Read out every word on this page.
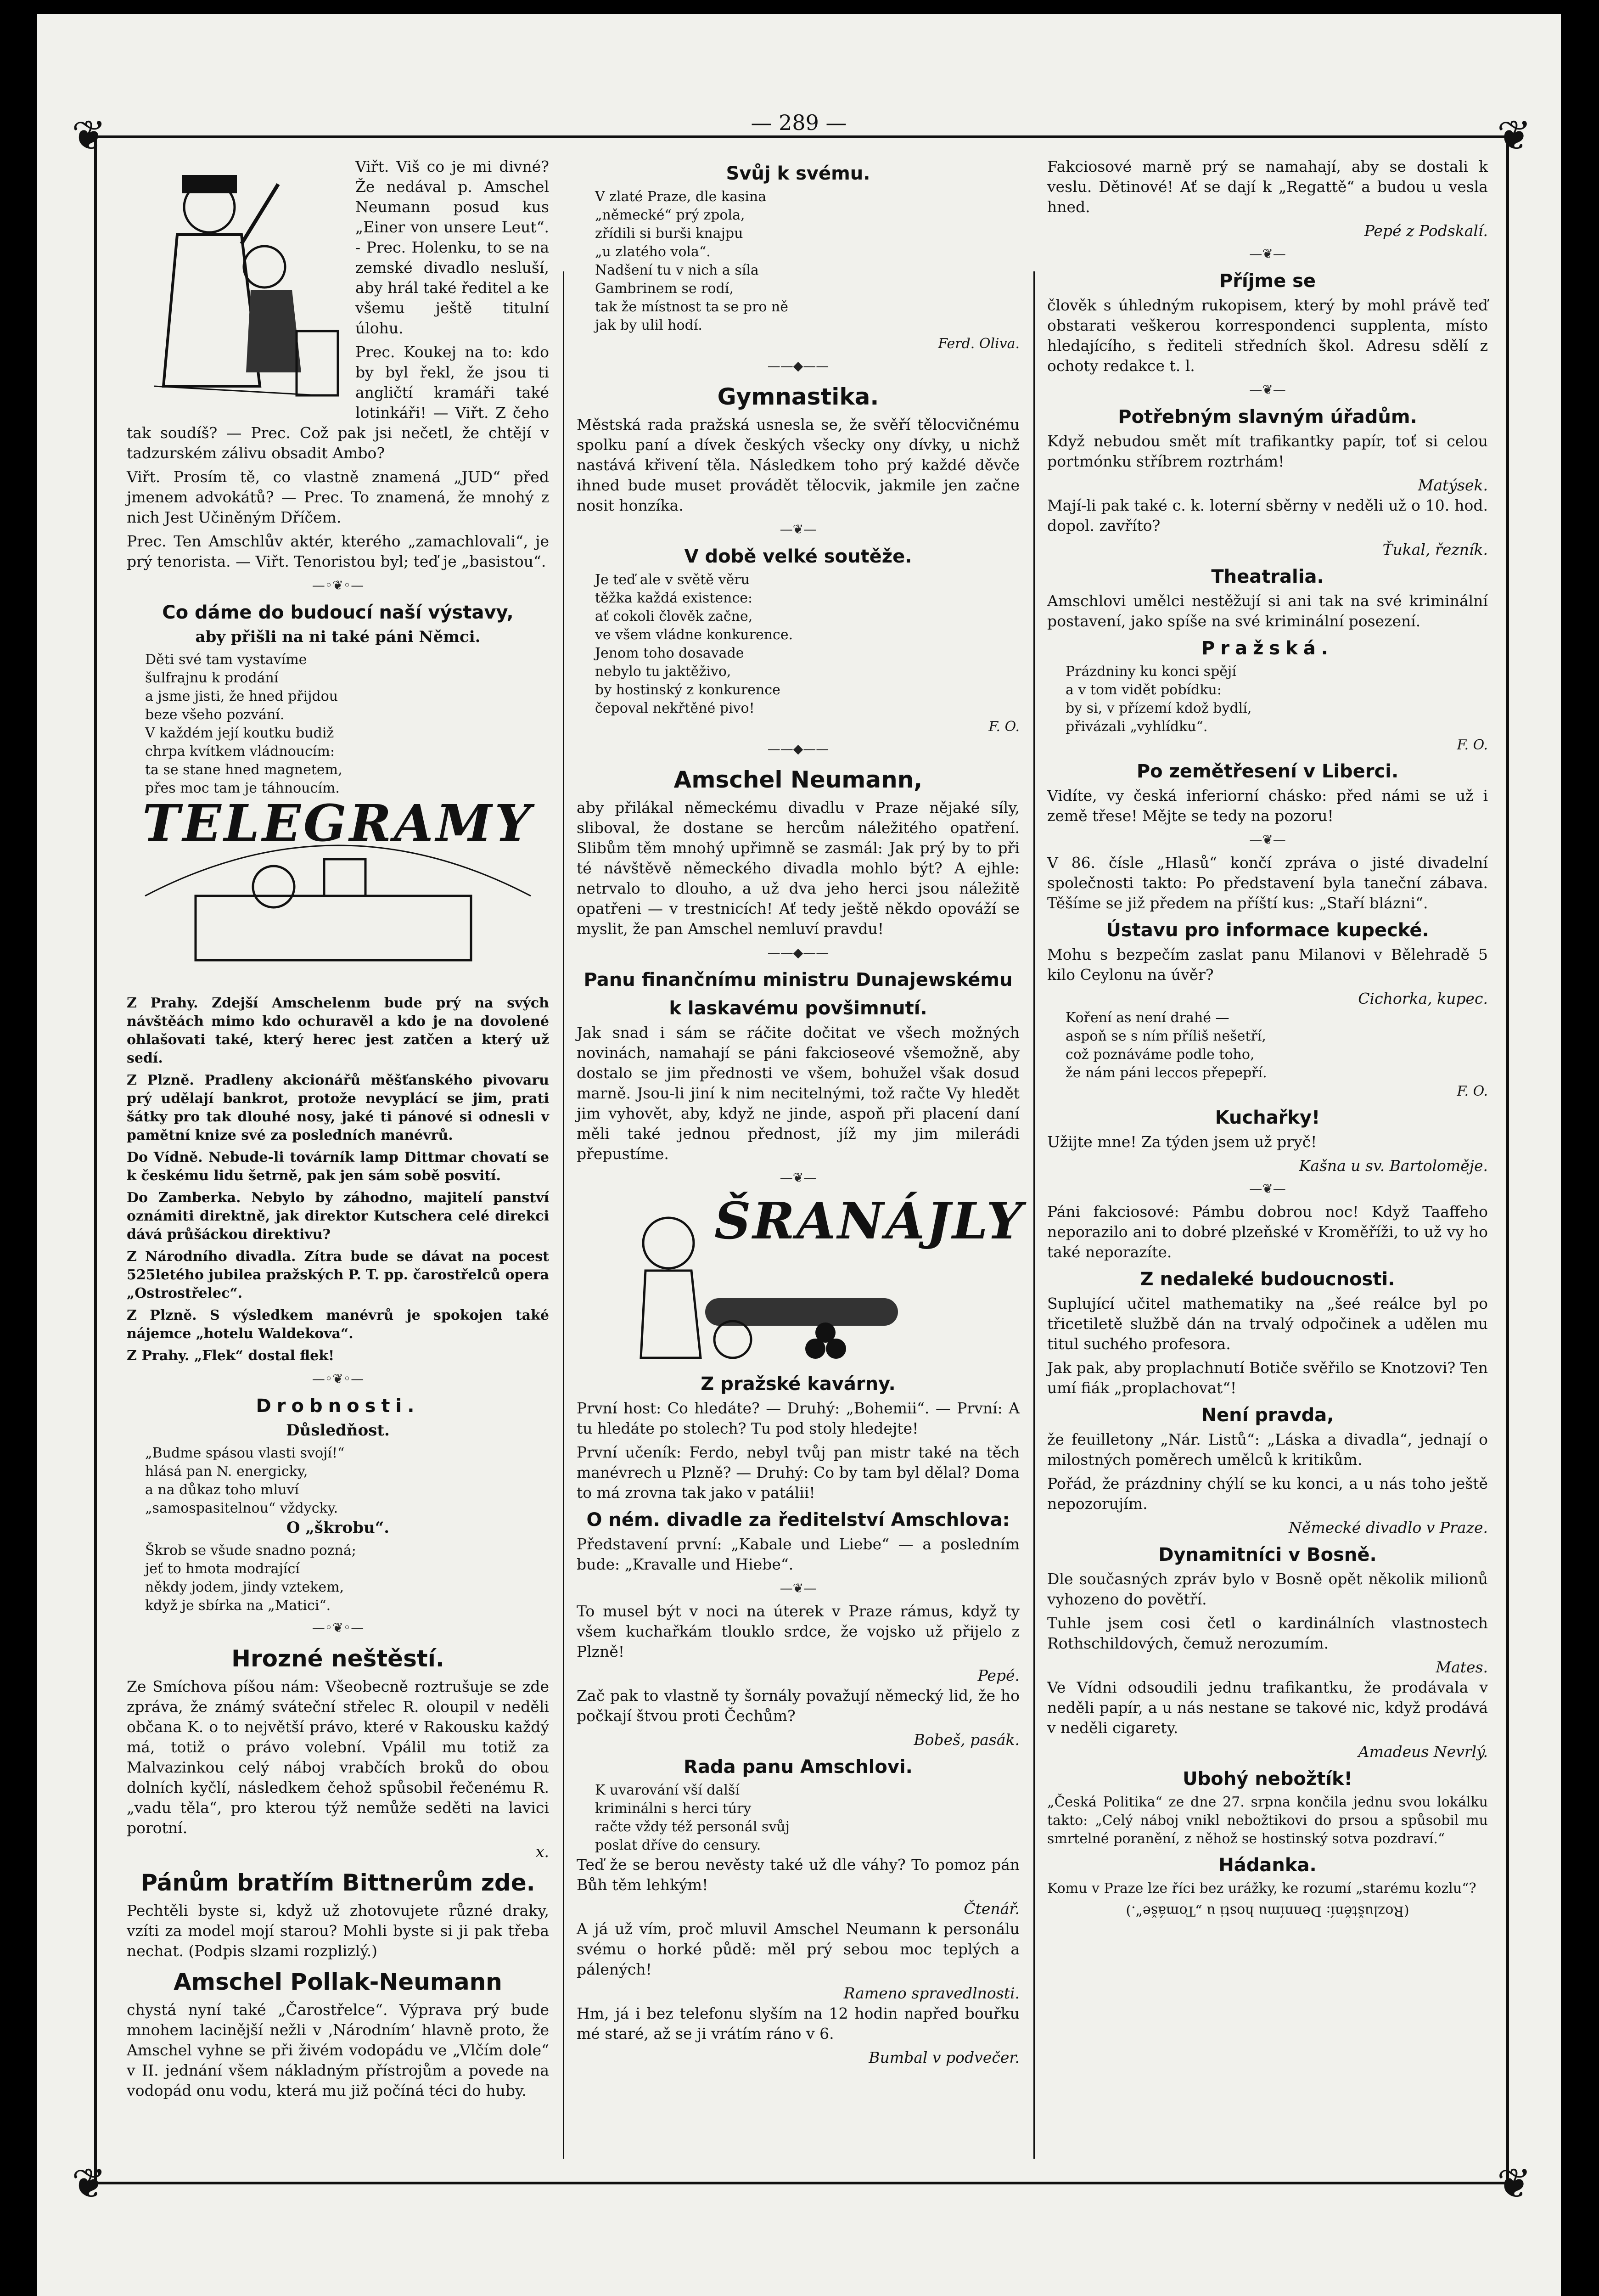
— 289 —
❦	❦
❦	❦

Viřt. Viš co je mi divné? Že nedával p. Amschel Neumann posud kus „Einer von unsere Leut“. - Prec. Holenku, to se na zemské divadlo nesluší, aby hrál také ředitel a ke všemu ještě titulní úlohu.

Prec. Koukej na to: kdo by byl řekl, že jsou ti angličtí kramáři také lotinkáři! — Viřt. Z čeho tak soudíš? — Prec. Což pak jsi nečetl, že chtějí v tadzurském zálivu obsadit Ambo?

Viřt. Prosím tě, co vlastně znamená „JUD“ před jmenem advokátů? — Prec. To znamená, že mnohý z nich Jest Učiněným Dříčem.

Prec. Ten Amschlův aktér, kterého „zamachlovali“, je prý tenorista. — Viřt. Tenoristou byl; teď je „basistou“.

—◦❦◦—
Co dáme do budoucí naší výstavy,
aby přišli na ni také páni Němci.
Děti své tam vystavíme
šulfrajnu k prodání
a jsme jisti, že hned přijdou
beze všeho pozvání.
V každém její koutku budiž
chrpa kvítkem vládnoucím:
ta se stane hned magnetem,
přes moc tam je táhnoucím.
TELEGRAMY

Z Prahy. Zdejší Amschelenm bude prý na svých návštěách mimo kdo ochuravěl a kdo je na dovolené ohlašovati také, který herec jest zatčen a který už sedí.

Z Plzně. Pradleny akcionářů měšťanského pivovaru prý udělají bankrot, protože nevyplácí se jim, prati šátky pro tak dlouhé nosy, jaké ti pánové si odnesli v pamětní knize své za posledních manévrů.

Do Vídně. Nebude-li továrník lamp Dittmar chovatí se k českému lidu šetrně, pak jen sám sobě posvití.

Do Zamberka. Nebylo by záhodno, majitelí panství oznámiti direktně, jak direktor Kutschera celé direkci dává průšáckou direktivu?

Z Národního divadla. Zítra bude se dávat na pocest 525letého jubilea pražských P. T. pp. čarostřelců opera „Ostrostřelec“.

Z Plzně. S výsledkem manévrů je spokojen také nájemce „hotelu Waldekova“.

Z Prahy. „Flek“ dostal flek!

—◦❦◦—
Drobnosti.
Důsledňost.
„Budme spásou vlasti svojí!“
hlásá pan N. energicky,
a na důkaz toho mluví
„samospasitelnou“ vždycky.
O „škrobu“.
Škrob se všude snadno pozná;
jeť to hmota modrající
někdy jodem, jindy vztekem,
když je sbírka na „Matici“.
—◦❦◦—
Hrozné neštěstí.

Ze Smíchova píšou nám: Všeobecně roztrušuje se zde zpráva, že známý sváteční střelec R. oloupil v neděli občana K. o to největší právo, které v Rakousku každý má, totiž o právo volební. Vpálil mu totiž za Malvazinkou celý náboj vrabčích broků do obou dolních kyčlí, následkem čehož spůsobil řečenému R. „vadu těla“, pro kterou týž nemůže seděti na lavici porotní.

x.
Pánům bratřím Bittnerům zde.

Pechtěli byste si, když už zhotovujete různé draky, vzíti za model mojí starou? Mohli byste si ji pak třeba nechat. (Podpis slzami rozplizlý.)

Amschel Pollak-Neumann

chystá nyní také „Čarostřelce“. Výprava prý bude mnohem lacinější nežli v ‚Národním‘ hlavně proto, že Amschel vyhne se při živém vodopádu ve „Vlčím dole“ v II. jednání všem nákladným přístrojům a povede na vodopád onu vodu, která mu již počíná téci do huby.

Svůj k svému.
V zlaté Praze, dle kasina
„německé“ prý zpola,
zřídili si burši knajpu
„u zlatého vola“.
Nadšení tu v nich a síla
Gambrinem se rodí,
tak že místnost ta se pro ně
jak by ulil hodí.
Ferd. Oliva.
——◆——
Gymnastika.

Městská rada pražská usnesla se, že svěří tělocvičnému spolku paní a dívek českých všecky ony dívky, u nichž nastává křivení těla. Následkem toho prý každé děvče ihned bude muset provádět tělocvik, jakmile jen začne nosit honzíka.

—❦—
V době velké soutěže.
Je teď ale v světě věru
těžka každá existence:
ať cokoli člověk začne,
ve všem vládne konkurence.
Jenom toho dosavade
nebylo tu jaktěživo,
by hostinský z konkurence
čepoval nekřtěné pivo!
F. O.
——◆——
Amschel Neumann,

aby přilákal německému divadlu v Praze nějaké síly, sliboval, že dostane se hercům náležitého opatření. Slibům těm mnohý upřimně se zasmál: Jak prý by to při té návštěvě německého divadla mohlo být? A ejhle: netrvalo to dlouho, a už dva jeho herci jsou náležitě opatřeni — v trestnicích! Ať tedy ještě někdo opováží se myslit, že pan Amschel nemluví pravdu!

——◆——
Panu finančnímu ministru Dunajewskému
k laskavému povšimnutí.

Jak snad i sám se ráčite dočitat ve všech možných novinách, namahají se páni fakcioseové všemožně, aby dostalo se jim přednosti ve všem, bohužel však dosud marně. Jsou-li jiní k nim necitelnými, tož račte Vy hledět jim vyhovět, aby, když ne jinde, aspoň při placení daní měli také jednou přednost, jíž my jim milerádi přepustíme.

—❦—
ŠRANÁJLY
Z pražské kavárny.

První host: Co hledáte? — Druhý: „Bohemii“. — První: A tu hledáte po stolech? Tu pod stoly hledejte!

První učeník: Ferdo, nebyl tvůj pan mistr také na těch manévrech u Plzně? — Druhý: Co by tam byl dělal? Doma to má zrovna tak jako v patálii!

O ném. divadle za ředitelství Amschlova:

Představení první: „Kabale und Liebe“ — a posledním bude: „Kravalle und Hiebe“.

—❦—

To musel být v noci na úterek v Praze rámus, když ty všem kuchařkám tlouklo srdce, že vojsko už přijelo z Plzně!

Pepé.

Zač pak to vlastně ty šornály považují německý lid, že ho počkají štvou proti Čechům?

Bobeš, pasák.
Rada panu Amschlovi.
K uvarování vší další
kriminálni s herci túry
račte vždy též personál svůj
poslat dříve do censury.

Teď že se berou nevěsty také už dle váhy? To pomoz pán Bůh těm lehkým!

Čtenář.

A já už vím, proč mluvil Amschel Neumann k personálu svému o horké půdě: měl prý sebou moc teplých a pálených!

Rameno spravedlnosti.

Hm, já i bez telefonu slyším na 12 hodin napřed bouřku mé staré, až se ji vrátím ráno v 6.

Bumbal v podvečer.

Fakciosové marně prý se namahají, aby se dostali k veslu. Dětinové! Ať se dají k „Regattě“ a budou u vesla hned.

Pepé z Podskalí.
—❦—
Příjme se

člověk s úhledným rukopisem, který by mohl právě teď obstarati veškerou korrespondenci supplenta, místo hledajícího, s řediteli středních škol. Adresu sdělí z ochoty redakce t. l.

—❦—
Potřebným slavným úřadům.

Když nebudou smět mít trafikantky papír, toť si celou portmónku stříbrem roztrhám!

Matýsek.

Mají-li pak také c. k. loterní sběrny v neděli už o 10. hod. dopol. zavříto?

Ťukal, řezník.
Theatralia.

Amschlovi umělci nestěžují si ani tak na své kriminální postavení, jako spíše na své kriminální posezení.

Pražská.
Prázdniny ku konci spějí
a v tom vidět pobídku:
by si, v přízemí kdož bydlí,
přivázali „vyhlídku“.
F. O.
Po zemětřesení v Liberci.

Vidíte, vy česká inferiorní chásko: před námi se už i země třese! Mějte se tedy na pozoru!

—❦—

V 86. čísle „Hlasů“ končí zpráva o jisté divadelní společnosti takto: Po představení byla taneční zábava. Těšíme se již předem na příští kus: „Staří blázni“.

Ústavu pro informace kupecké.

Mohu s bezpečím zaslat panu Milanovi v Bělehradě 5 kilo Ceylonu na úvěr?

Cichorka, kupec.
Koření as není drahé —
aspoň se s ním příliš nešetří,
což poznáváme podle toho,
že nám páni leccos přepepří.
F. O.
Kuchařky!

Užijte mne! Za týden jsem už pryč!

Kašna u sv. Bartoloměje.
—❦—

Páni fakciosové: Pámbu dobrou noc! Když Taaffeho neporazilo ani to dobré plzeňské v Kroměříži, to už vy ho také neporazíte.

Z nedaleké budoucnosti.

Suplující učitel mathematiky na „šeé reálce byl po třicetiletě službě dán na trvalý odpočinek a udělen mu titul suchého profesora.

Jak pak, aby proplachnutí Botiče svěřilo se Knotzovi? Ten umí fiák „proplachovat“!

Není pravda,

že feuilletony „Nár. Listů“: „Láska a divadla“, jednají o milostných poměrech umělců k kritikům.

Pořád, že prázdniny chýlí se ku konci, a u nás toho ještě nepozorujím.

Německé divadlo v Praze.
Dynamitníci v Bosně.

Dle současných zpráv bylo v Bosně opět několik milionů vyhozeno do povětří.

Tuhle jsem cosi četl o kardinálních vlastnostech Rothschildových, čemuž nerozumím.

Mates.

Ve Vídni odsoudili jednu trafikantku, že prodávala v neděli papír, a u nás nestane se takové nic, když prodává v neděli cigarety.

Amadeus Nevrlý.
Ubohý nebožtík!

„Česká Politika“ ze dne 27. srpna končila jednu svou lokálku takto: „Celý náboj vnikl nebožtikovi do prsou a spůsobil mu smrtelné poranění, z něhož se hostinský sotva pozdraví.“

Hádanka.

Komu v Praze lze říci bez urážky, ke rozumí „starému kozlu“?

(Rozluštění: Dennímu hosti u „Tomáše“.)
